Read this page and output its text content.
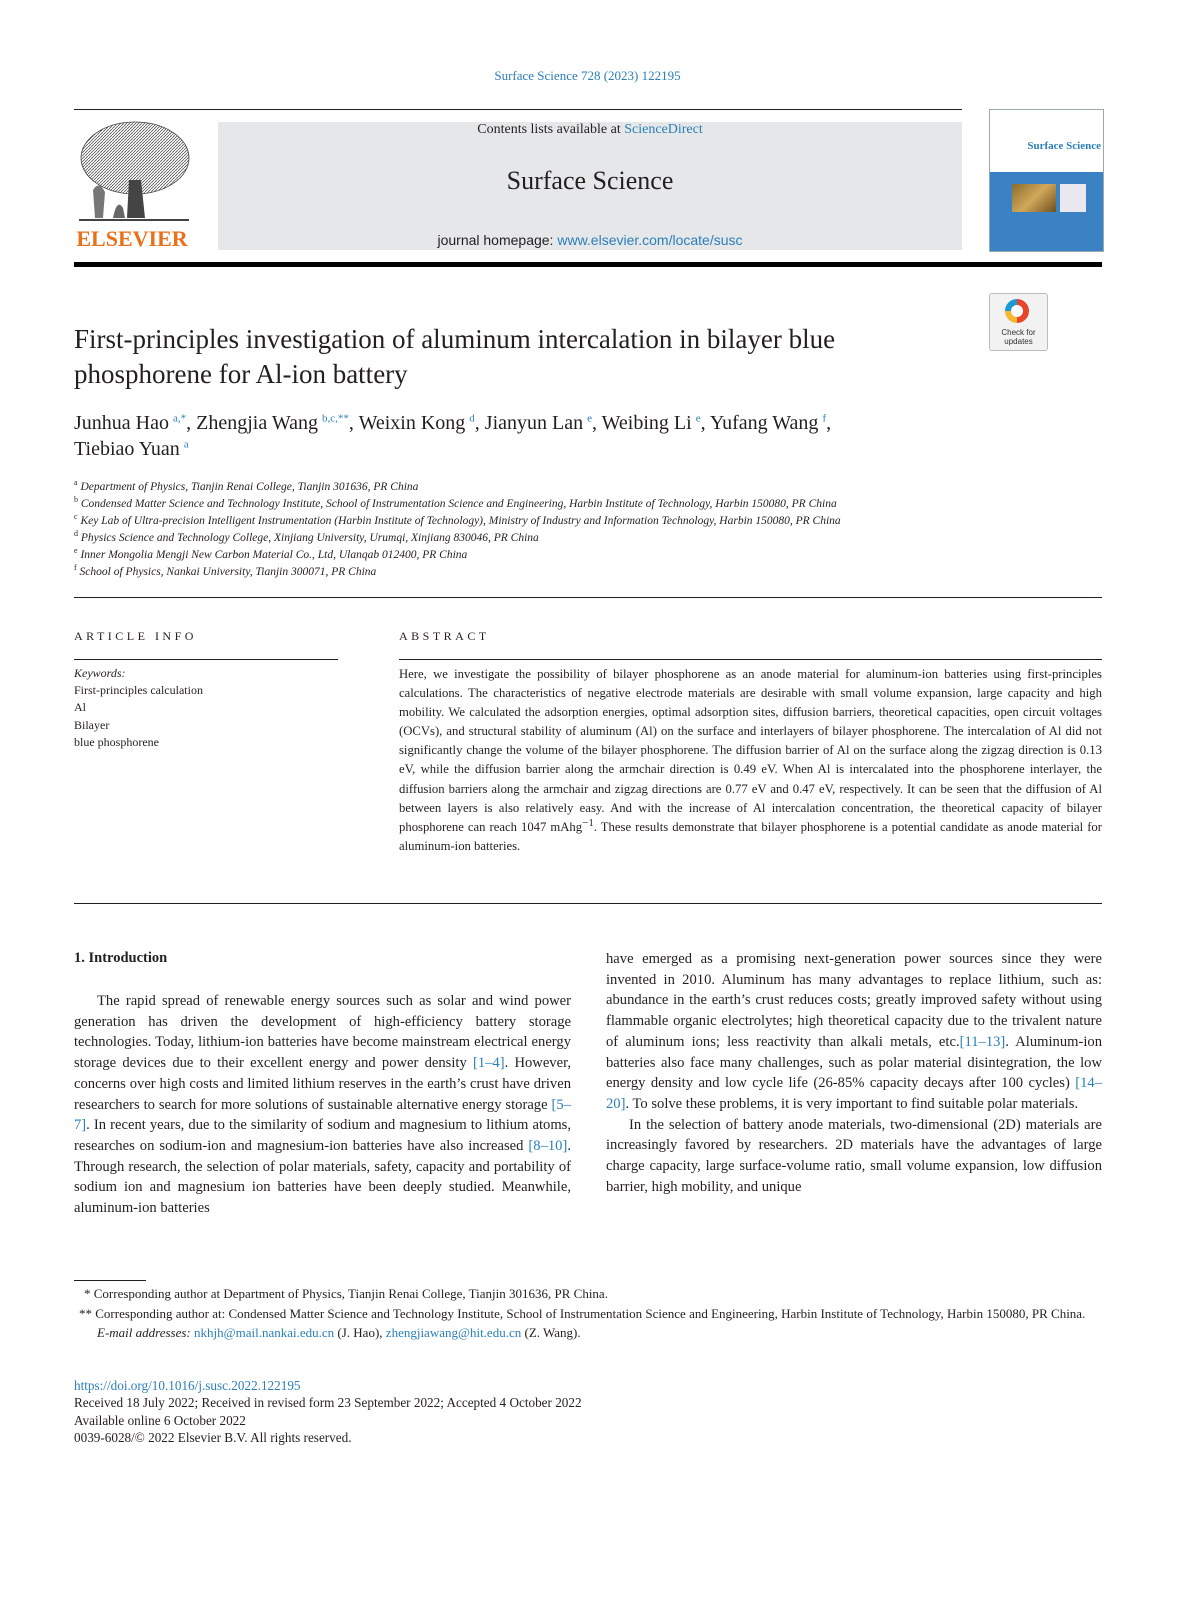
Surface Science 728 (2023) 122195
ELSEVIER
Contents lists available at ScienceDirect
Surface Science
journal homepage: www.elsevier.com/locate/susc
Surface Science
Check for updates
First-principles investigation of aluminum intercalation in bilayer blue phosphorene for Al-ion battery
Junhua Hao  $^{a,*}$, Zhengjia Wang  $^{b,c,**}$, Weixin Kong  $^d$, Jianyun Lan  $^e$, Weibing Li  $^e$, Yufang Wang  $^f$,
Tiebiao Yuan  $^a$
$^a$ Department of Physics, Tianjin Renai College, Tianjin 301636, PR China
$^b$ Condensed Matter Science and Technology Institute, School of Instrumentation Science and Engineering, Harbin Institute of Technology, Harbin 150080, PR China
$^c$ Key Lab of Ultra-precision Intelligent Instrumentation (Harbin Institute of Technology), Ministry of Industry and Information Technology, Harbin 150080, PR China
$^d$ Physics Science and Technology College, Xinjiang University, Urumqi, Xinjiang 830046, PR China
$^e$ Inner Mongolia Mengji New Carbon Material Co., Ltd, Ulanqab 012400, PR China
$^f$ School of Physics, Nankai University, Tianjin 300071, PR China
ARTICLE INFO	ABSTRACT
Keywords:
First-principles calculation
Al
Bilayer
blue phosphorene
Here, we investigate the possibility of bilayer phosphorene as an anode material for aluminum-ion batteries using first-principles calculations. The characteristics of negative electrode materials are desirable with small volume expansion, large capacity and high mobility. We calculated the adsorption energies, optimal adsorption sites, diffusion barriers, theoretical capacities, open circuit voltages (OCVs), and structural stability of aluminum (Al) on the surface and interlayers of bilayer phosphorene. The intercalation of Al did not significantly change the volume of the bilayer phosphorene. The diffusion barrier of Al on the surface along the zigzag direction is 0.13 eV, while the diffusion barrier along the armchair direction is 0.49 eV. When Al is intercalated into the phosphorene interlayer, the diffusion barriers along the armchair and zigzag directions are 0.77 eV and 0.47 eV, respectively. It can be seen that the diffusion of Al between layers is also relatively easy. And with the increase of Al intercalation concentration, the theoretical capacity of bilayer phosphorene can reach 1047 mAhg$^{-1}$. These results demonstrate that bilayer phosphorene is a potential candidate as anode material for aluminum-ion batteries.
1. Introduction

The rapid spread of renewable energy sources such as solar and wind power generation has driven the development of high-efficiency battery storage technologies. Today, lithium-ion batteries have become mainstream electrical energy storage devices due to their excellent energy and power density [1–4]. However, concerns over high costs and limited lithium reserves in the earth’s crust have driven researchers to search for more solutions of sustainable alternative energy storage [5–7]. In recent years, due to the similarity of sodium and magnesium to lithium atoms, researches on sodium-ion and magnesium-ion batteries have also increased [8–10]. Through research, the selection of polar materials, safety, capacity and portability of sodium ion and magnesium ion batteries have been deeply studied. Meanwhile, aluminum-ion batteries

have emerged as a promising next-generation power sources since they were invented in 2010. Aluminum has many advantages to replace lithium, such as: abundance in the earth’s crust reduces costs; greatly improved safety without using flammable organic electrolytes; high theoretical capacity due to the trivalent nature of aluminum ions; less reactivity than alkali metals, etc.[11–13]. Aluminum-ion batteries also face many challenges, such as polar material disintegration, the low energy density and low cycle life (26-85% capacity decays after 100 cycles) [14–20]. To solve these problems, it is very important to find suitable polar materials.

In the selection of battery anode materials, two-dimensional (2D) materials are increasingly favored by researchers. 2D materials have the advantages of large charge capacity, large surface-volume ratio, small volume expansion, low diffusion barrier, high mobility, and unique

* Corresponding author at Department of Physics, Tianjin Renai College, Tianjin 301636, PR China.

** Corresponding author at: Condensed Matter Science and Technology Institute, School of Instrumentation Science and Engineering, Harbin Institute of Technology, Harbin 150080, PR China.

E-mail addresses: nkhjh@mail.nankai.edu.cn (J. Hao), zhengjiawang@hit.edu.cn (Z. Wang).

https://doi.org/10.1016/j.susc.2022.122195

Received 18 July 2022; Received in revised form 23 September 2022; Accepted 4 October 2022

Available online 6 October 2022

0039-6028/© 2022 Elsevier B.V. All rights reserved.
